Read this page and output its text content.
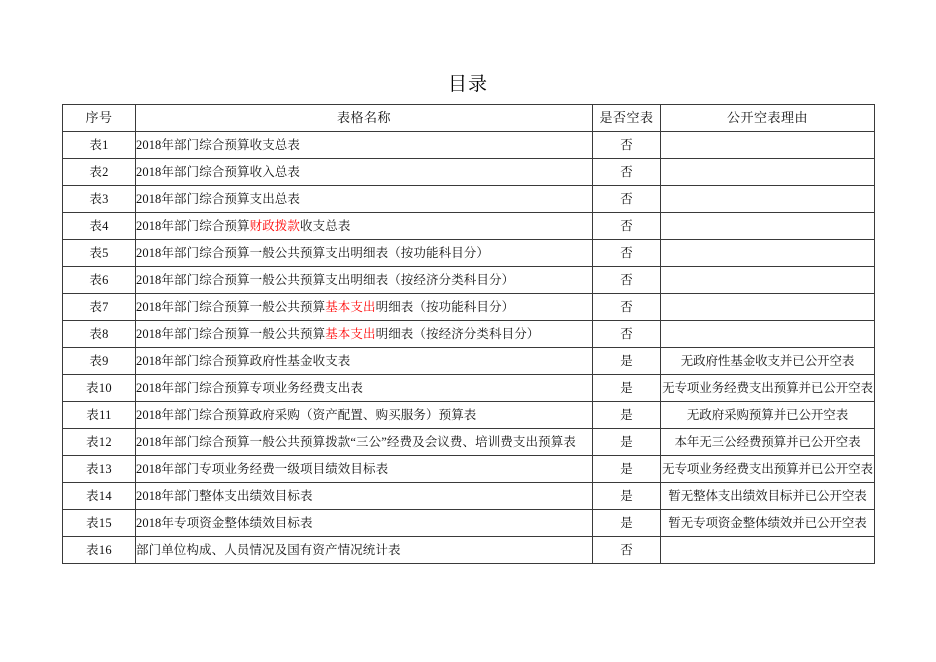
目录
序号	表格名称	是否空表	公开空表理由
表1	2018年部门综合预算收支总表	否	
表2	2018年部门综合预算收入总表	否	
表3	2018年部门综合预算支出总表	否	
表4	2018年部门综合预算财政拨款收支总表	否	
表5	2018年部门综合预算一般公共预算支出明细表（按功能科目分）	否	
表6	2018年部门综合预算一般公共预算支出明细表（按经济分类科目分）	否	
表7	2018年部门综合预算一般公共预算基本支出明细表（按功能科目分）	否	
表8	2018年部门综合预算一般公共预算基本支出明细表（按经济分类科目分）	否	
表9	2018年部门综合预算政府性基金收支表	是	无政府性基金收支并已公开空表
表10	2018年部门综合预算专项业务经费支出表	是	无专项业务经费支出预算并已公开空表
表11	2018年部门综合预算政府采购（资产配置、购买服务）预算表	是	无政府采购预算并已公开空表
表12	2018年部门综合预算一般公共预算拨款“三公”经费及会议费、培训费支出预算表	是	本年无三公经费预算并已公开空表
表13	2018年部门专项业务经费一级项目绩效目标表	是	无专项业务经费支出预算并已公开空表
表14	2018年部门整体支出绩效目标表	是	暂无整体支出绩效目标并已公开空表
表15	2018年专项资金整体绩效目标表	是	暂无专项资金整体绩效并已公开空表
表16	部门单位构成、人员情况及国有资产情况统计表	否	
